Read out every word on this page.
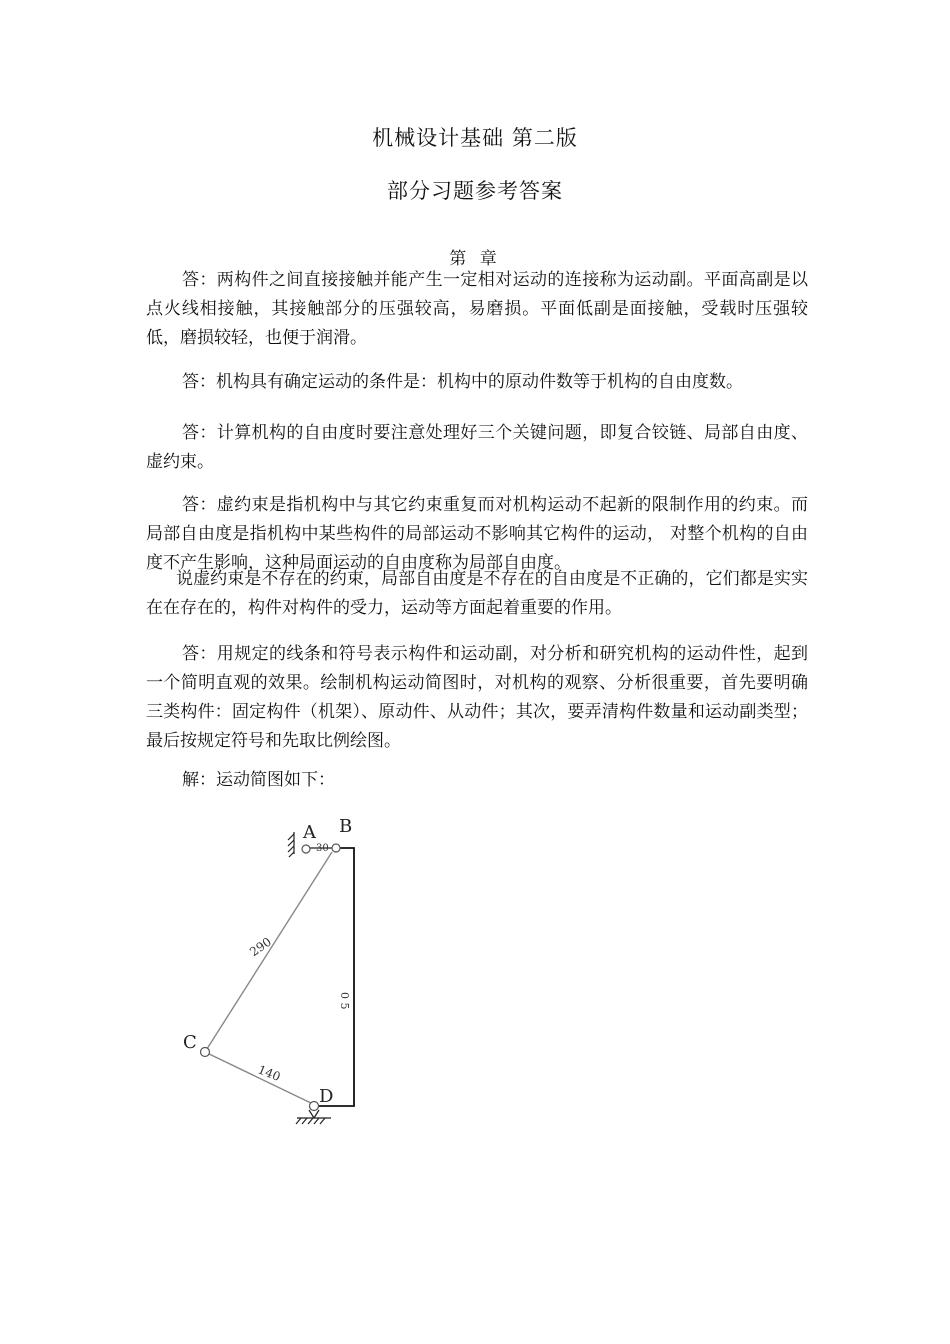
机械设计基础 第二版
部分习题参考答案
第 章
答：两构件之间直接接触并能产生一定相对运动的连接称为运动副。平面高副是以点火线相接触，其接触部分的压强较高，易磨损。平面低副是面接触，受载时压强较低，磨损较轻，也便于润滑。
答：机构具有确定运动的条件是：机构中的原动件数等于机构的自由度数。
答：计算机构的自由度时要注意处理好三个关键问题，即复合铰链、局部自由度、虚约束。
答：虚约束是指机构中与其它约束重复而对机构运动不起新的限制作用的约束。而局部自由度是指机构中某些构件的局部运动不影响其它构件的运动， 对整个机构的自由度不产生影响，这种局面运动的自由度称为局部自由度。
说虚约束是不存在的约束，局部自由度是不存在的自由度是不正确的，它们都是实实在在存在的，构件对构件的受力，运动等方面起着重要的作用。
答：用规定的线条和符号表示构件和运动副，对分析和研究机构的运动件性，起到一个简明直观的效果。绘制机构运动简图时，对机构的观察、分析很重要，首先要明确三类构件：固定构件（机架）、原动件、从动件；其次，要弄清构件数量和运动副类型；最后按规定符号和先取比例绘图。
解：运动简图如下：
A B
C
D
30
290
0 5
140
